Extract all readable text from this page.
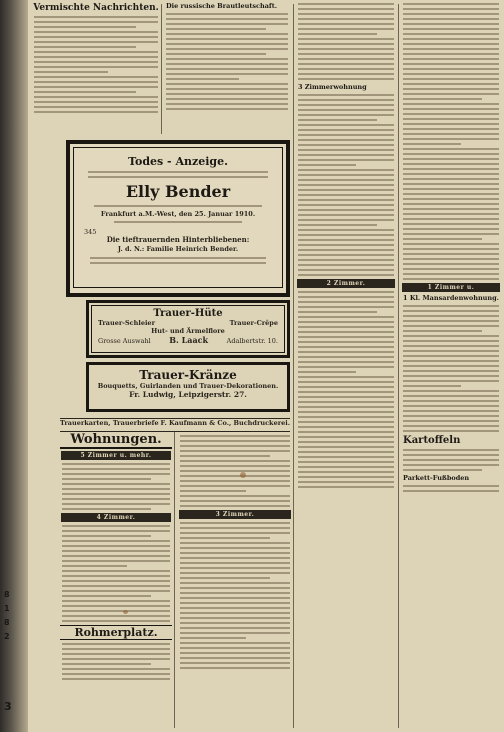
8
1
8
2
3
Vermischte Nachrichten. Die russische Brautleutschaft.
Todes - Anzeige.
Elly Bender
Frankfurt a.M.-West, den 25. Januar 1910.
345
Die tieftrauernden Hinterbliebenen:
J. d. N.: Familie Heinrich Bender.
Trauer-Hüte
Trauer-Schleier	Trauer-Crêpe
Hut- und Ärmelflore
Grosse Auswahl B. Laack	Adalbertstr. 10.
Trauer-Kränze
Bouquetts, Guirlanden und Trauer-Dekorationen.
Fr. Ludwig, Leipzigerstr. 27.
Trauerkarten, Trauerbriefe F. Kaufmann & Co., Buchdruckerei.
Wohnungen.
5 Zimmer u. mehr.
4 Zimmer.
Rohmerplatz.
3 Zimmer.
3 Zimmerwohnung
2 Zimmer.
1 Zimmer u.
1 Kl. Mansardenwohnung.
Kartoffeln
Parkett-Fußboden
